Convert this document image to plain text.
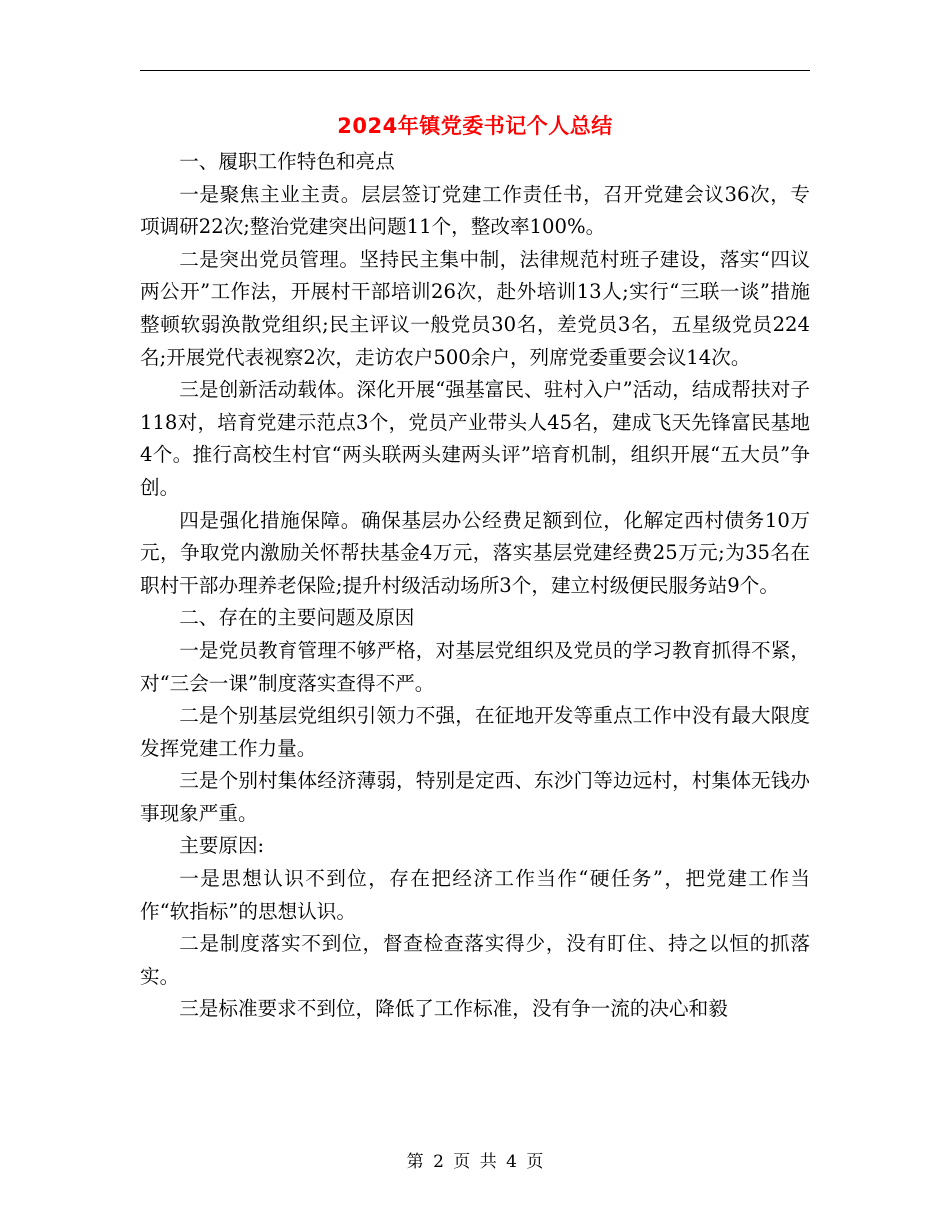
2024年镇党委书记个人总结

一、履职工作特色和亮点

一是聚焦主业主责。层层签订党建工作责任书，召开党建会议36次，专项调研22次;整治党建突出问题11个，整改率100%。

二是突出党员管理。坚持民主集中制，法律规范村班子建设，落实“四议两公开”工作法，开展村干部培训26次，赴外培训13人;实行“三联一谈”措施整顿软弱涣散党组织;民主评议一般党员30名，差党员3名，五星级党员224名;开展党代表视察2次，走访农户500余户，列席党委重要会议14次。

三是创新活动载体。深化开展“强基富民、驻村入户”活动，结成帮扶对子118对，培育党建示范点3个，党员产业带头人45名，建成飞天先锋富民基地4个。推行高校生村官“两头联两头建两头评”培育机制，组织开展“五大员”争创。

四是强化措施保障。确保基层办公经费足额到位，化解定西村债务10万元，争取党内激励关怀帮扶基金4万元，落实基层党建经费25万元;为35名在职村干部办理养老保险;提升村级活动场所3个，建立村级便民服务站9个。

二、存在的主要问题及原因

一是党员教育管理不够严格，对基层党组织及党员的学习教育抓得不紧，对“三会一课”制度落实查得不严。

二是个别基层党组织引领力不强，在征地开发等重点工作中没有最大限度发挥党建工作力量。

三是个别村集体经济薄弱，特别是定西、东沙门等边远村，村集体无钱办事现象严重。

主要原因:

一是思想认识不到位，存在把经济工作当作“硬任务”，把党建工作当作“软指标”的思想认识。

二是制度落实不到位，督查检查落实得少，没有盯住、持之以恒的抓落实。

三是标准要求不到位，降低了工作标准，没有争一流的决心和毅

第 2 页 共 4 页
